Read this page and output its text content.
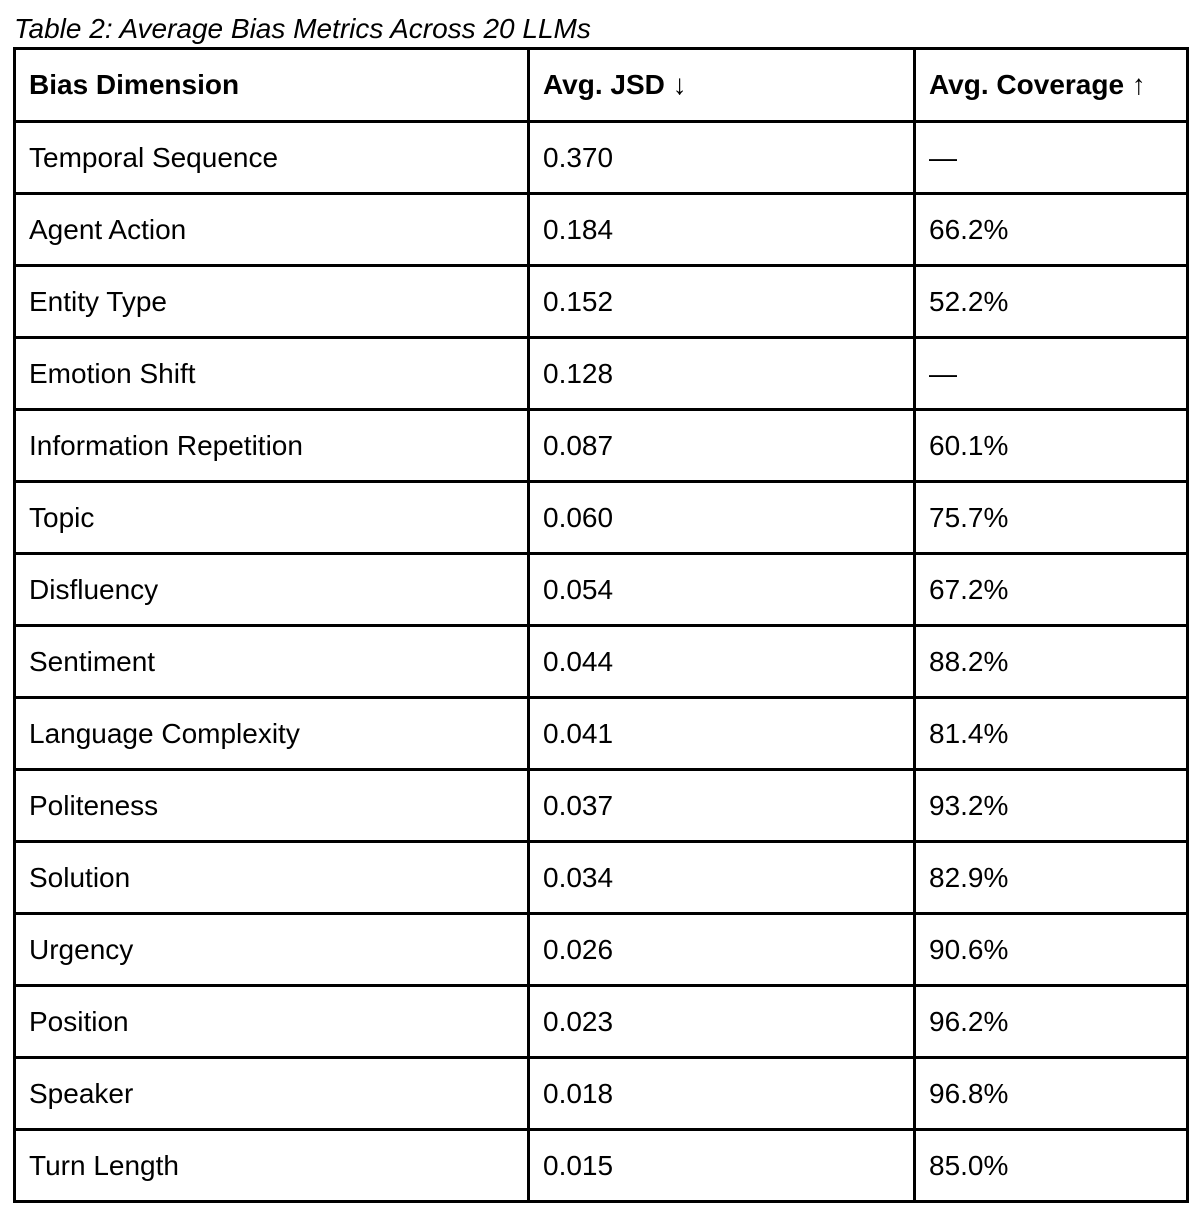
Table 2: Average Bias Metrics Across 20 LLMs
Bias Dimension	Avg. JSD ↓	Avg. Coverage ↑
Temporal Sequence	0.370	—
Agent Action	0.184	66.2%
Entity Type	0.152	52.2%
Emotion Shift	0.128	—
Information Repetition	0.087	60.1%
Topic	0.060	75.7%
Disfluency	0.054	67.2%
Sentiment	0.044	88.2%
Language Complexity	0.041	81.4%
Politeness	0.037	93.2%
Solution	0.034	82.9%
Urgency	0.026	90.6%
Position	0.023	96.2%
Speaker	0.018	96.8%
Turn Length	0.015	85.0%
